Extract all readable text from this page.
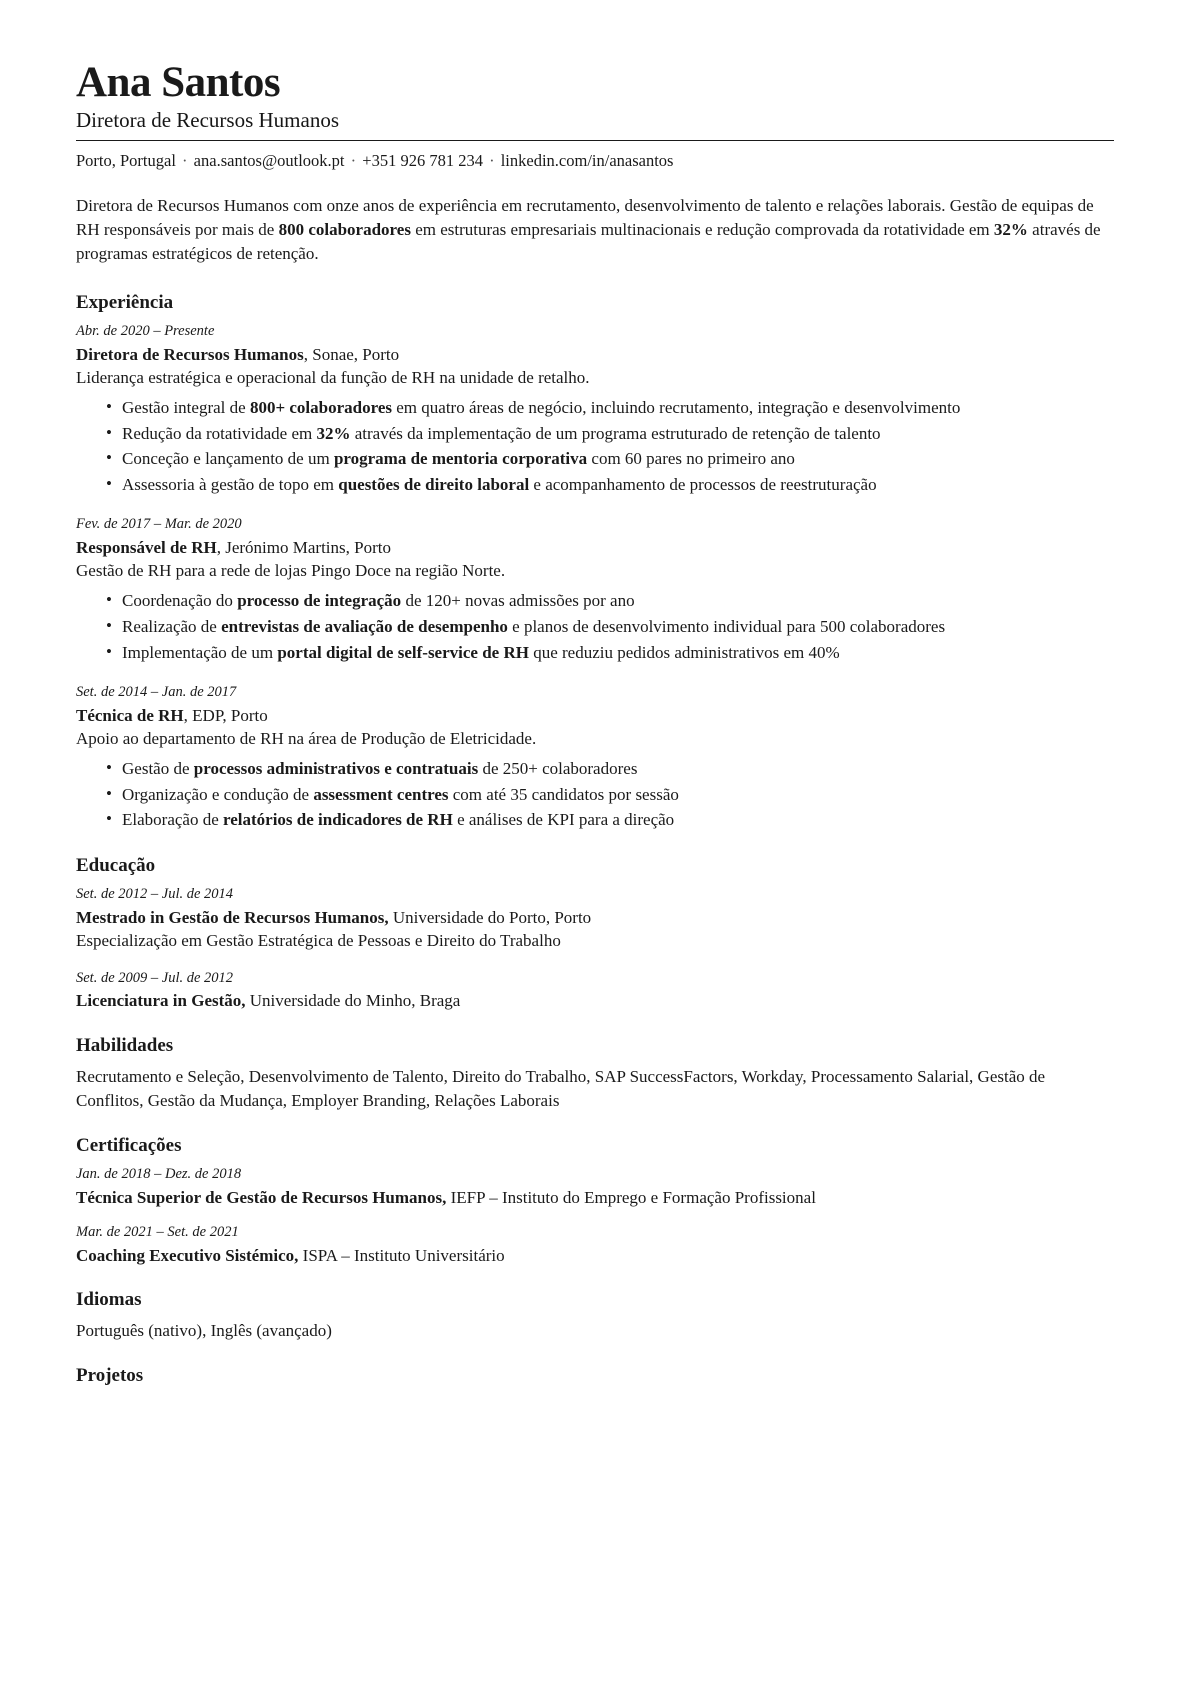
Ana Santos
Diretora de Recursos Humanos
Porto, Portugal · ana.santos@outlook.pt · +351 926 781 234 · linkedin.com/in/anasantos
Diretora de Recursos Humanos com onze anos de experiência em recrutamento, desenvolvimento de talento e relações laborais. Gestão de equipas de RH responsáveis por mais de 800 colaboradores em estruturas empresariais multinacionais e redução comprovada da rotatividade em 32% através de programas estratégicos de retenção.
Experiência
Abr. de 2020 – Presente
Diretora de Recursos Humanos, Sonae, Porto
Liderança estratégica e operacional da função de RH na unidade de retalho.
• Gestão integral de 800+ colaboradores em quatro áreas de negócio, incluindo recrutamento, integração e desenvolvimento
• Redução da rotatividade em 32% através da implementação de um programa estruturado de retenção de talento
• Conceção e lançamento de um programa de mentoria corporativa com 60 pares no primeiro ano
• Assessoria à gestão de topo em questões de direito laboral e acompanhamento de processos de reestruturação
Fev. de 2017 – Mar. de 2020
Responsável de RH, Jerónimo Martins, Porto
Gestão de RH para a rede de lojas Pingo Doce na região Norte.
• Coordenação do processo de integração de 120+ novas admissões por ano
• Realização de entrevistas de avaliação de desempenho e planos de desenvolvimento individual para 500 colaboradores
• Implementação de um portal digital de self-service de RH que reduziu pedidos administrativos em 40%
Set. de 2014 – Jan. de 2017
Técnica de RH, EDP, Porto
Apoio ao departamento de RH na área de Produção de Eletricidade.
• Gestão de processos administrativos e contratuais de 250+ colaboradores
• Organização e condução de assessment centres com até 35 candidatos por sessão
• Elaboração de relatórios de indicadores de RH e análises de KPI para a direção
Educação
Set. de 2012 – Jul. de 2014
Mestrado in Gestão de Recursos Humanos, Universidade do Porto, Porto
Especialização em Gestão Estratégica de Pessoas e Direito do Trabalho
Set. de 2009 – Jul. de 2012
Licenciatura in Gestão, Universidade do Minho, Braga
Habilidades
Recrutamento e Seleção, Desenvolvimento de Talento, Direito do Trabalho, SAP SuccessFactors, Workday, Processamento Salarial, Gestão de Conflitos, Gestão da Mudança, Employer Branding, Relações Laborais
Certificações
Jan. de 2018 – Dez. de 2018
Técnica Superior de Gestão de Recursos Humanos, IEFP – Instituto do Emprego e Formação Profissional
Mar. de 2021 – Set. de 2021
Coaching Executivo Sistémico, ISPA – Instituto Universitário
Idiomas
Português (nativo), Inglês (avançado)
Projetos
